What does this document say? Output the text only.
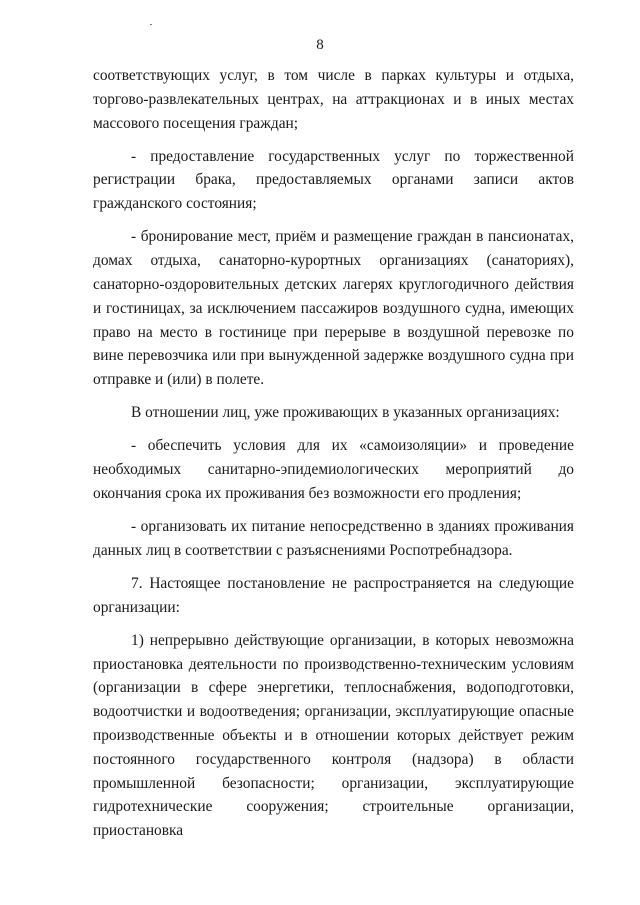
8

соответствующих услуг, в том числе в парках культуры и отдыха, торгово-развлекательных центрах, на аттракционах и в иных местах массового посещения граждан;

- предоставление государственных услуг по торжественной регистрации брака, предоставляемых органами записи актов гражданского состояния;

- бронирование мест, приём и размещение граждан в пансионатах, домах отдыха, санаторно-курортных организациях (санаториях), санаторно-оздоровительных детских лагерях круглогодичного действия и гостиницах, за исключением пассажиров воздушного судна, имеющих право на место в гостинице при перерыве в воздушной перевозке по вине перевозчика или при вынужденной задержке воздушного судна при отправке и (или) в полете.

В отношении лиц, уже проживающих в указанных организациях:

- обеспечить условия для их «самоизоляции» и проведение необходимых санитарно-эпидемиологических мероприятий до окончания срока их проживания без возможности его продления;

- организовать их питание непосредственно в зданиях проживания данных лиц в соответствии с разъяснениями Роспотребнадзора.

7. Настоящее постановление не распространяется на следующие организации:

1) непрерывно действующие организации, в которых невозможна приостановка деятельности по производственно-техническим условиям (организации в сфере энергетики, теплоснабжения, водоподготовки, водоотчистки и водоотведения; организации, эксплуатирующие опасные производственные объекты и в отношении которых действует режим постоянного государственного контроля (надзора) в области промышленной безопасности; организации, эксплуатирующие гидротехнические сооружения; строительные организации, приостановка
